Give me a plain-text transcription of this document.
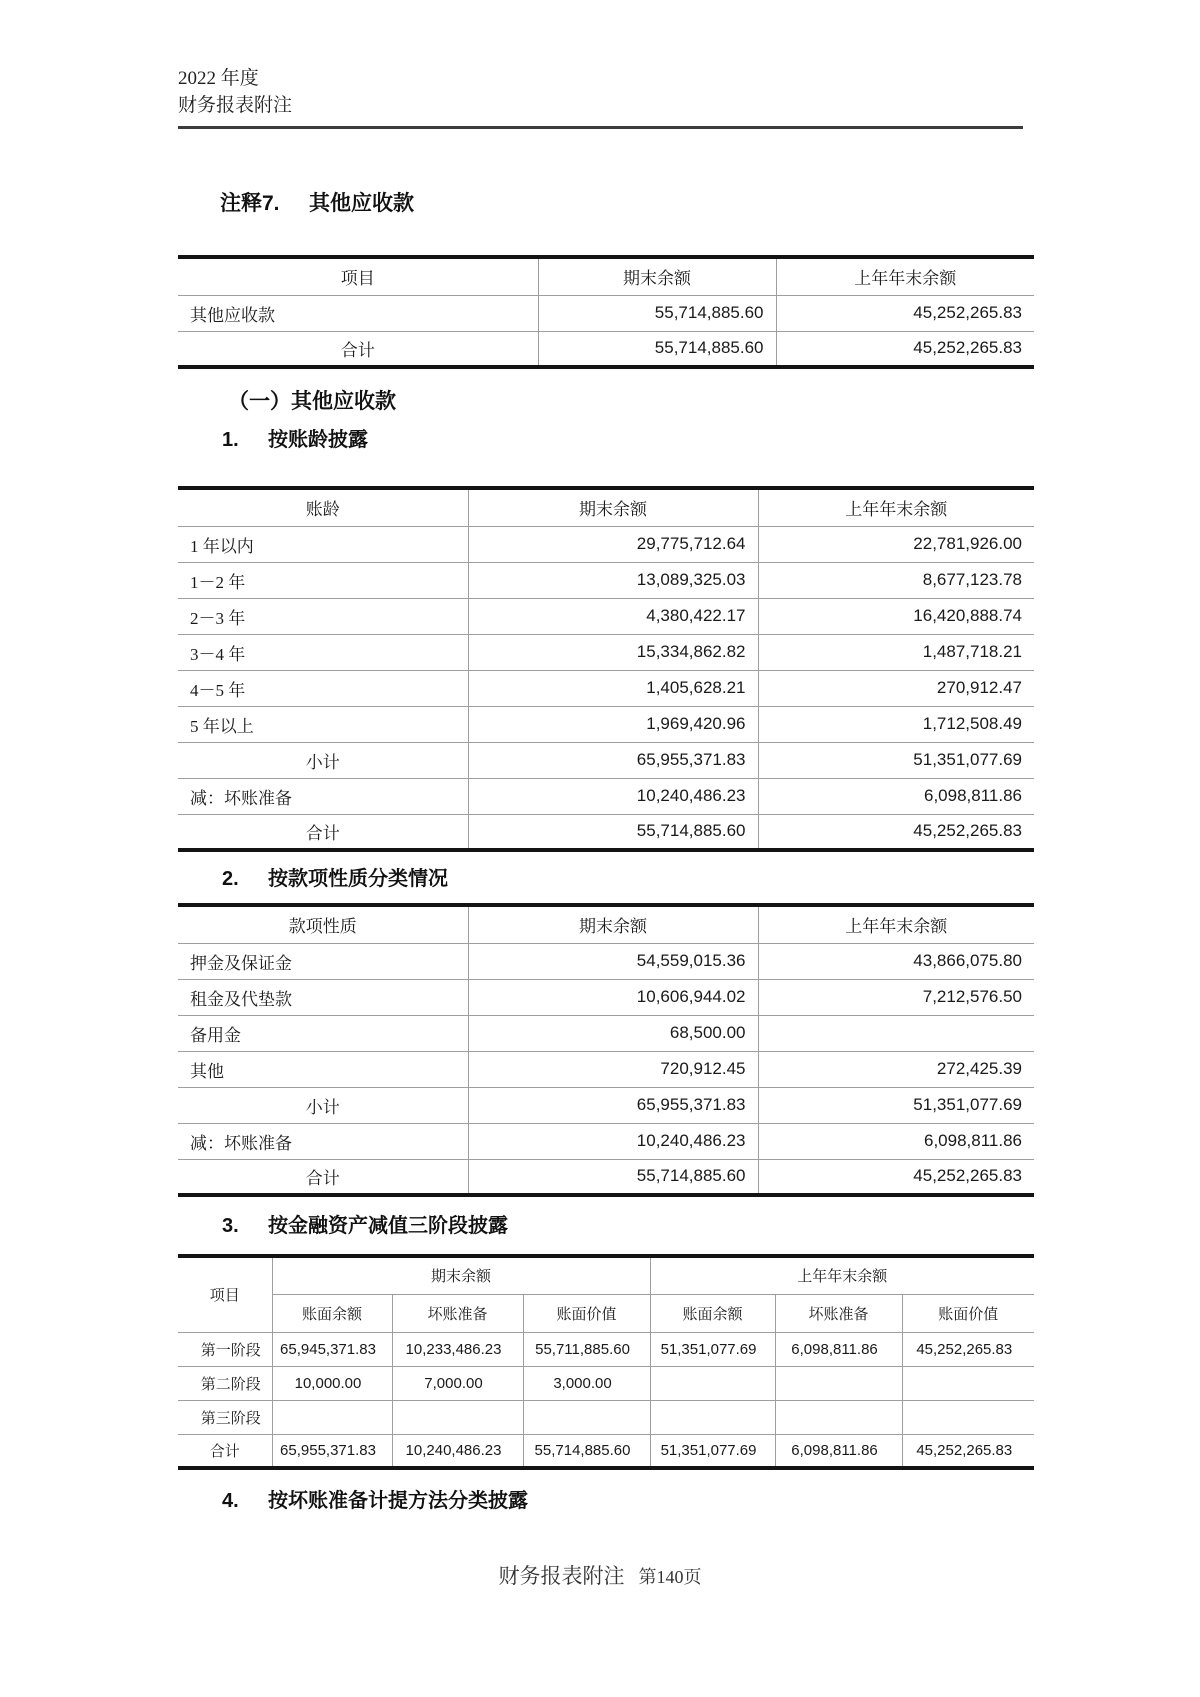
2022 年度
财务报表附注
注释7. 其他应收款
项目	期末余额	上年年末余额
其他应收款	55,714,885.60	45,252,265.83
合计	55,714,885.60	45,252,265.83
（一）其他应收款
1. 按账龄披露
账龄	期末余额	上年年末余额
1 年以内	29,775,712.64	22,781,926.00
1－2 年	13,089,325.03	8,677,123.78
2－3 年	4,380,422.17	16,420,888.74
3－4 年	15,334,862.82	1,487,718.21
4－5 年	1,405,628.21	270,912.47
5 年以上	1,969,420.96	1,712,508.49
小计	65,955,371.83	51,351,077.69
减：坏账准备	10,240,486.23	6,098,811.86
合计	55,714,885.60	45,252,265.83
2. 按款项性质分类情况
款项性质	期末余额	上年年末余额
押金及保证金	54,559,015.36	43,866,075.80
租金及代垫款	10,606,944.02	7,212,576.50
备用金	68,500.00	
其他	720,912.45	272,425.39
小计	65,955,371.83	51,351,077.69
减：坏账准备	10,240,486.23	6,098,811.86
合计	55,714,885.60	45,252,265.83
3. 按金融资产减值三阶段披露
项目	期末余额			上年年末余额		
	账面余额	坏账准备	账面价值	账面余额	坏账准备	账面价值
第一阶段	65,945,371.83	10,233,486.23	55,711,885.60	51,351,077.69	6,098,811.86	45,252,265.83
第二阶段	10,000.00	7,000.00	3,000.00			
第三阶段						
合计	65,955,371.83	10,240,486.23	55,714,885.60	51,351,077.69	6,098,811.86	45,252,265.83
4. 按坏账准备计提方法分类披露
财务报表附注 第140页
